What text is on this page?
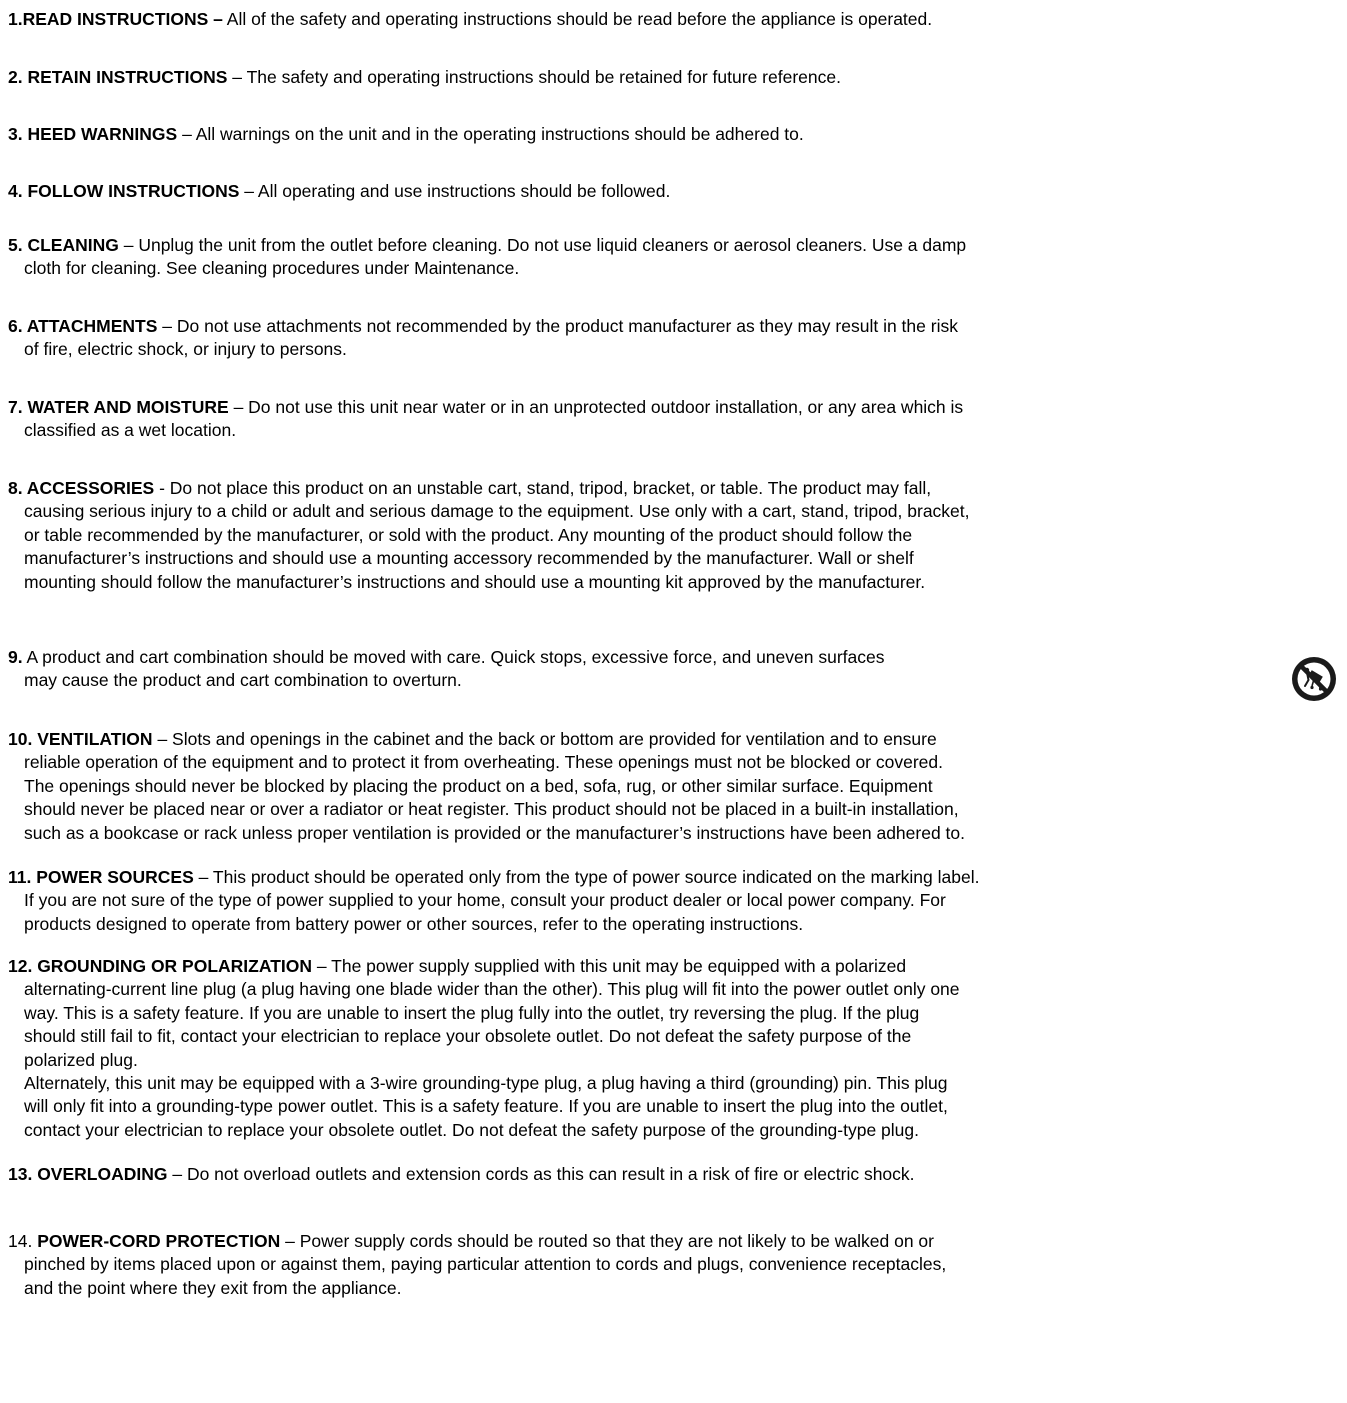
1.READ INSTRUCTIONS – All of the safety and operating instructions should be read before the appliance is operated.
2. RETAIN INSTRUCTIONS – The safety and operating instructions should be retained for future reference.
3. HEED WARNINGS – All warnings on the unit and in the operating instructions should be adhered to.
4. FOLLOW INSTRUCTIONS – All operating and use instructions should be followed.
5. CLEANING – Unplug the unit from the outlet before cleaning. Do not use liquid cleaners or aerosol cleaners. Use a damp
cloth for cleaning. See cleaning procedures under Maintenance.
6. ATTACHMENTS – Do not use attachments not recommended by the product manufacturer as they may result in the risk
of fire, electric shock, or injury to persons.
7. WATER AND MOISTURE – Do not use this unit near water or in an unprotected outdoor installation, or any area which is
classified as a wet location.
8. ACCESSORIES - Do not place this product on an unstable cart, stand, tripod, bracket, or table. The product may fall,
causing serious injury to a child or adult and serious damage to the equipment. Use only with a cart, stand, tripod, bracket,
or table recommended by the manufacturer, or sold with the product. Any mounting of the product should follow the
manufacturer’s instructions and should use a mounting accessory recommended by the manufacturer. Wall or shelf
mounting should follow the manufacturer’s instructions and should use a mounting kit approved by the manufacturer.
9. A product and cart combination should be moved with care. Quick stops, excessive force, and uneven surfaces
may cause the product and cart combination to overturn.
10. VENTILATION – Slots and openings in the cabinet and the back or bottom are provided for ventilation and to ensure
reliable operation of the equipment and to protect it from overheating. These openings must not be blocked or covered.
The openings should never be blocked by placing the product on a bed, sofa, rug, or other similar surface. Equipment
should never be placed near or over a radiator or heat register. This product should not be placed in a built-in installation,
such as a bookcase or rack unless proper ventilation is provided or the manufacturer’s instructions have been adhered to.
11. POWER SOURCES – This product should be operated only from the type of power source indicated on the marking label.
If you are not sure of the type of power supplied to your home, consult your product dealer or local power company. For
products designed to operate from battery power or other sources, refer to the operating instructions.
12. GROUNDING OR POLARIZATION – The power supply supplied with this unit may be equipped with a polarized
alternating-current line plug (a plug having one blade wider than the other). This plug will fit into the power outlet only one
way. This is a safety feature. If you are unable to insert the plug fully into the outlet, try reversing the plug. If the plug
should still fail to fit, contact your electrician to replace your obsolete outlet. Do not defeat the safety purpose of the
polarized plug.
Alternately, this unit may be equipped with a 3-wire grounding-type plug, a plug having a third (grounding) pin. This plug
will only fit into a grounding-type power outlet. This is a safety feature. If you are unable to insert the plug into the outlet,
contact your electrician to replace your obsolete outlet. Do not defeat the safety purpose of the grounding-type plug.
13. OVERLOADING – Do not overload outlets and extension cords as this can result in a risk of fire or electric shock.
14. POWER-CORD PROTECTION – Power supply cords should be routed so that they are not likely to be walked on or
pinched by items placed upon or against them, paying particular attention to cords and plugs, convenience receptacles,
and the point where they exit from the appliance.
